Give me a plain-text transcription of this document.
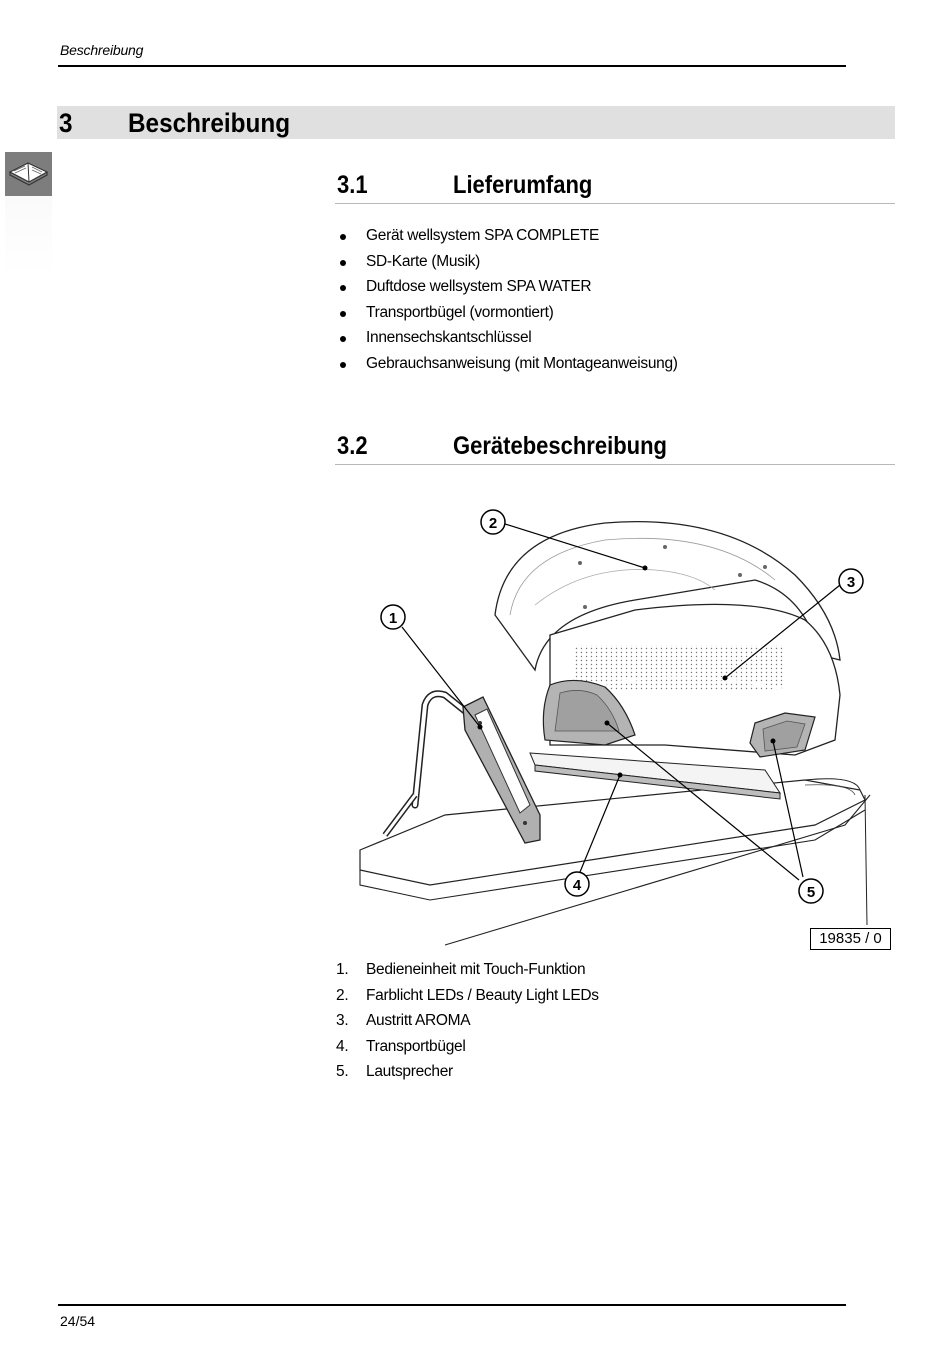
Beschreibung
3 Beschreibung
3.1	Lieferumfang
Gerät wellsystem SPA COMPLETE
SD-Karte (Musik)
Duftdose wellsystem SPA WATER
Transportbügel (vormontiert)
Innensechskantschlüssel
Gebrauchsanweisung (mit Montageanweisung)
3.2	Gerätebeschreibung
2
3
1
4	5
19835 / 0
1. Bedieneinheit mit Touch-Funktion
2. Farblicht LEDs / Beauty Light LEDs
3. Austritt AROMA
4. Transportbügel
5. Lautsprecher
24/54
